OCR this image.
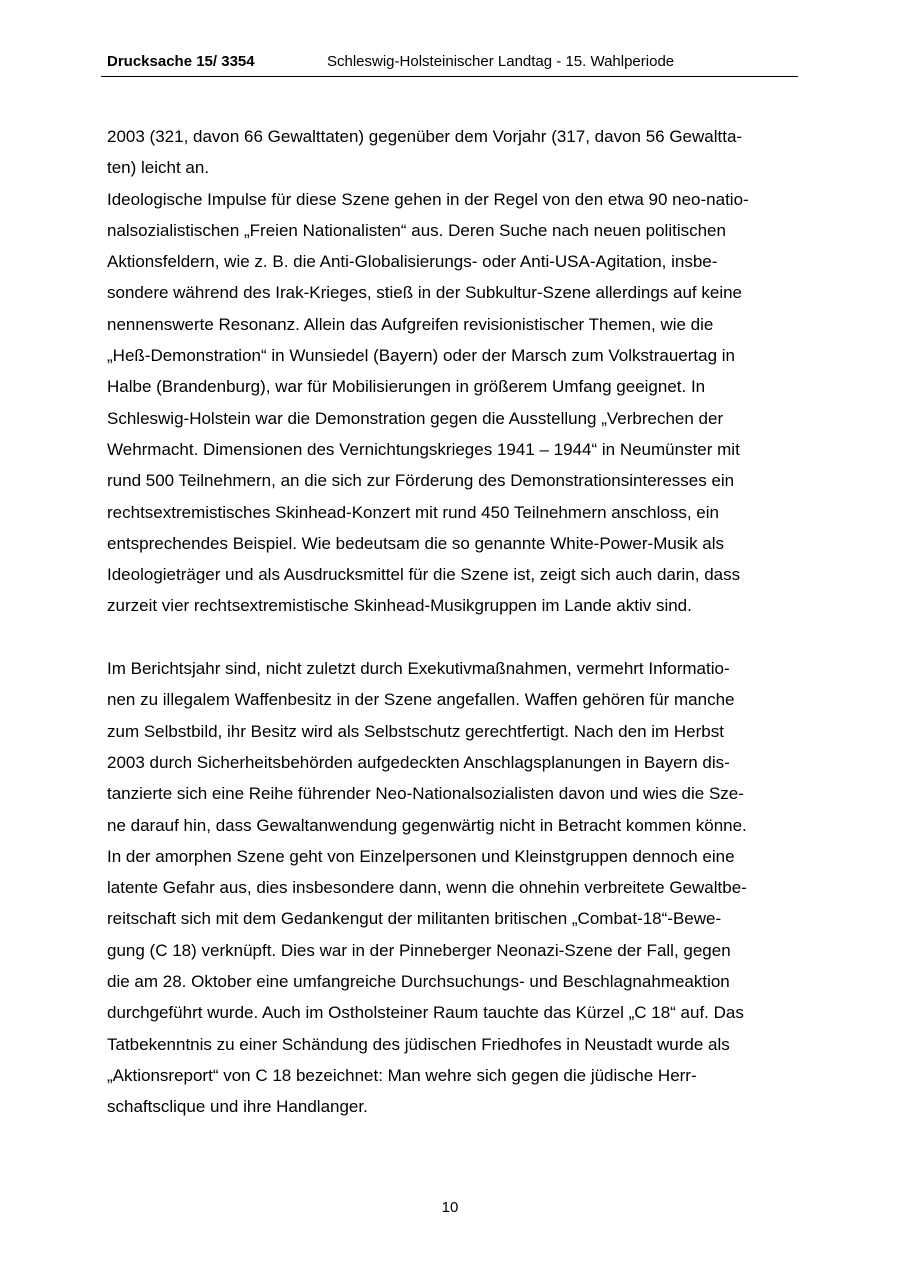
Drucksache 15/ 3354	Schleswig-Holsteinischer Landtag - 15. Wahlperiode
2003 (321, davon 66 Gewalttaten) gegenüber dem Vorjahr (317, davon 56 Gewaltta-
ten) leicht an.
Ideologische Impulse für diese Szene gehen in der Regel von den etwa 90 neo-natio-
nalsozialistischen „Freien Nationalisten“ aus. Deren Suche nach neuen politischen
Aktionsfeldern, wie z. B. die Anti-Globalisierungs- oder Anti-USA-Agitation, insbe-
sondere während des Irak-Krieges, stieß in der Subkultur-Szene allerdings auf keine
nennenswerte Resonanz. Allein das Aufgreifen revisionistischer Themen, wie die
„Heß-Demonstration“ in Wunsiedel (Bayern) oder der Marsch zum Volkstrauertag in
Halbe (Brandenburg), war für Mobilisierungen in größerem Umfang geeignet. In
Schleswig-Holstein war die Demonstration gegen die Ausstellung „Verbrechen der
Wehrmacht. Dimensionen des Vernichtungskrieges 1941 – 1944“ in Neumünster mit
rund 500 Teilnehmern, an die sich zur Förderung des Demonstrationsinteresses ein
rechtsextremistisches Skinhead-Konzert mit rund 450 Teilnehmern anschloss, ein
entsprechendes Beispiel. Wie bedeutsam die so genannte White-Power-Musik als
Ideologieträger und als Ausdrucksmittel für die Szene ist, zeigt sich auch darin, dass
zurzeit vier rechtsextremistische Skinhead-Musikgruppen im Lande aktiv sind.
Im Berichtsjahr sind, nicht zuletzt durch Exekutivmaßnahmen, vermehrt Informatio-
nen zu illegalem Waffenbesitz in der Szene angefallen. Waffen gehören für manche
zum Selbstbild, ihr Besitz wird als Selbstschutz gerechtfertigt. Nach den im Herbst
2003 durch Sicherheitsbehörden aufgedeckten Anschlagsplanungen in Bayern dis-
tanzierte sich eine Reihe führender Neo-Nationalsozialisten davon und wies die Sze-
ne darauf hin, dass Gewaltanwendung gegenwärtig nicht in Betracht kommen könne.
In der amorphen Szene geht von Einzelpersonen und Kleinstgruppen dennoch eine
latente Gefahr aus, dies insbesondere dann, wenn die ohnehin verbreitete Gewaltbe-
reitschaft sich mit dem Gedankengut der militanten britischen „Combat-18“-Bewe-
gung (C 18) verknüpft. Dies war in der Pinneberger Neonazi-Szene der Fall, gegen
die am 28. Oktober eine umfangreiche Durchsuchungs- und Beschlagnahmeaktion
durchgeführt wurde. Auch im Ostholsteiner Raum tauchte das Kürzel „C 18“ auf. Das
Tatbekenntnis zu einer Schändung des jüdischen Friedhofes in Neustadt wurde als
„Aktionsreport“ von C 18 bezeichnet: Man wehre sich gegen die jüdische Herr-
schaftsclique und ihre Handlanger.
10
